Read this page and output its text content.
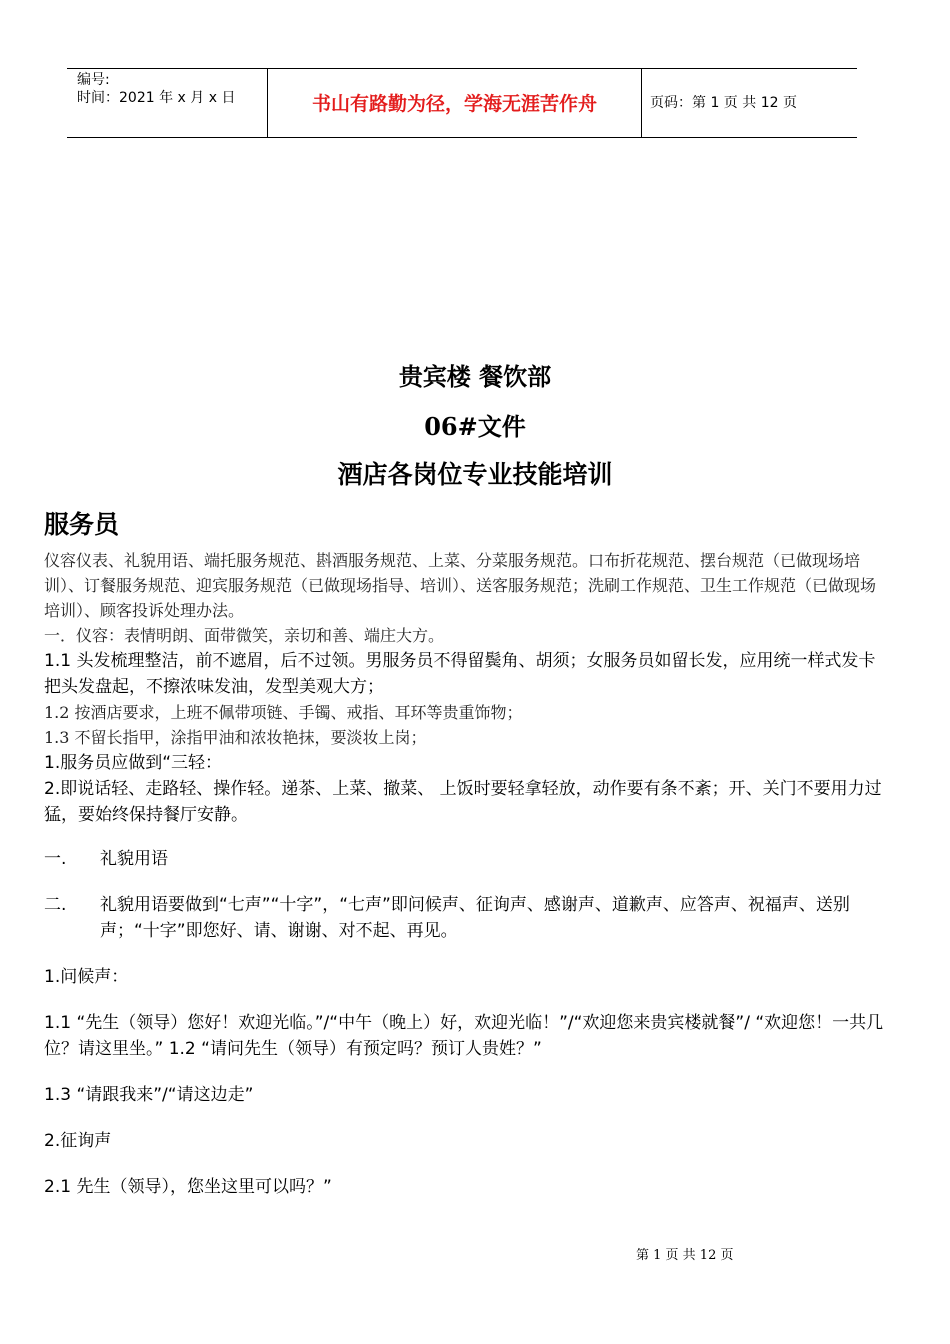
编号:
时间：2021 年 x 月 x 日	书山有路勤为径，学海无涯苦作舟	页码：第 1 页 共 12 页
贵宾楼 餐饮部
06#文件
酒店各岗位专业技能培训
服务员

仪容仪表、礼貌用语、端托服务规范、斟酒服务规范、上菜、分菜服务规范。口布折花规范、摆台规范（已做现场培训）、订餐服务规范、迎宾服务规范（已做现场指导、培训）、送客服务规范；洗刷工作规范、卫生工作规范（已做现场培训）、顾客投诉处理办法。

一．仪容：表情明朗、面带微笑，亲切和善、端庄大方。

1.1 头发梳理整洁，前不遮眉，后不过领。男服务员不得留鬓角、胡须；女服务员如留长发，应用统一样式发卡把头发盘起，不擦浓味发油，发型美观大方；

1.2 按酒店要求，上班不佩带项链、手镯、戒指、耳环等贵重饰物；

1.3 不留长指甲，涂指甲油和浓妆艳抹，要淡妆上岗；

1.服务员应做到“三轻：

2.即说话轻、走路轻、操作轻。递茶、上菜、撤菜、 上饭时要轻拿轻放，动作要有条不紊；开、关门不要用力过猛，要始终保持餐厅安静。

一.	礼貌用语
二.	礼貌用语要做到“七声”“十字”，“七声”即问候声、征询声、感谢声、道歉声、应答声、祝福声、送别声；“十字”即您好、请、谢谢、对不起、再见。

1.问候声：

1.1 “先生（领导）您好！欢迎光临。”/“中午（晚上）好，欢迎光临！”/“欢迎您来贵宾楼就餐”/ “欢迎您！一共几位？请这里坐。” 1.2 “请问先生（领导）有预定吗？预订人贵姓？”

1.3 “请跟我来”/“请这边走”

2.征询声

2.1 先生（领导），您坐这里可以吗？”

第 1 页 共 12 页
